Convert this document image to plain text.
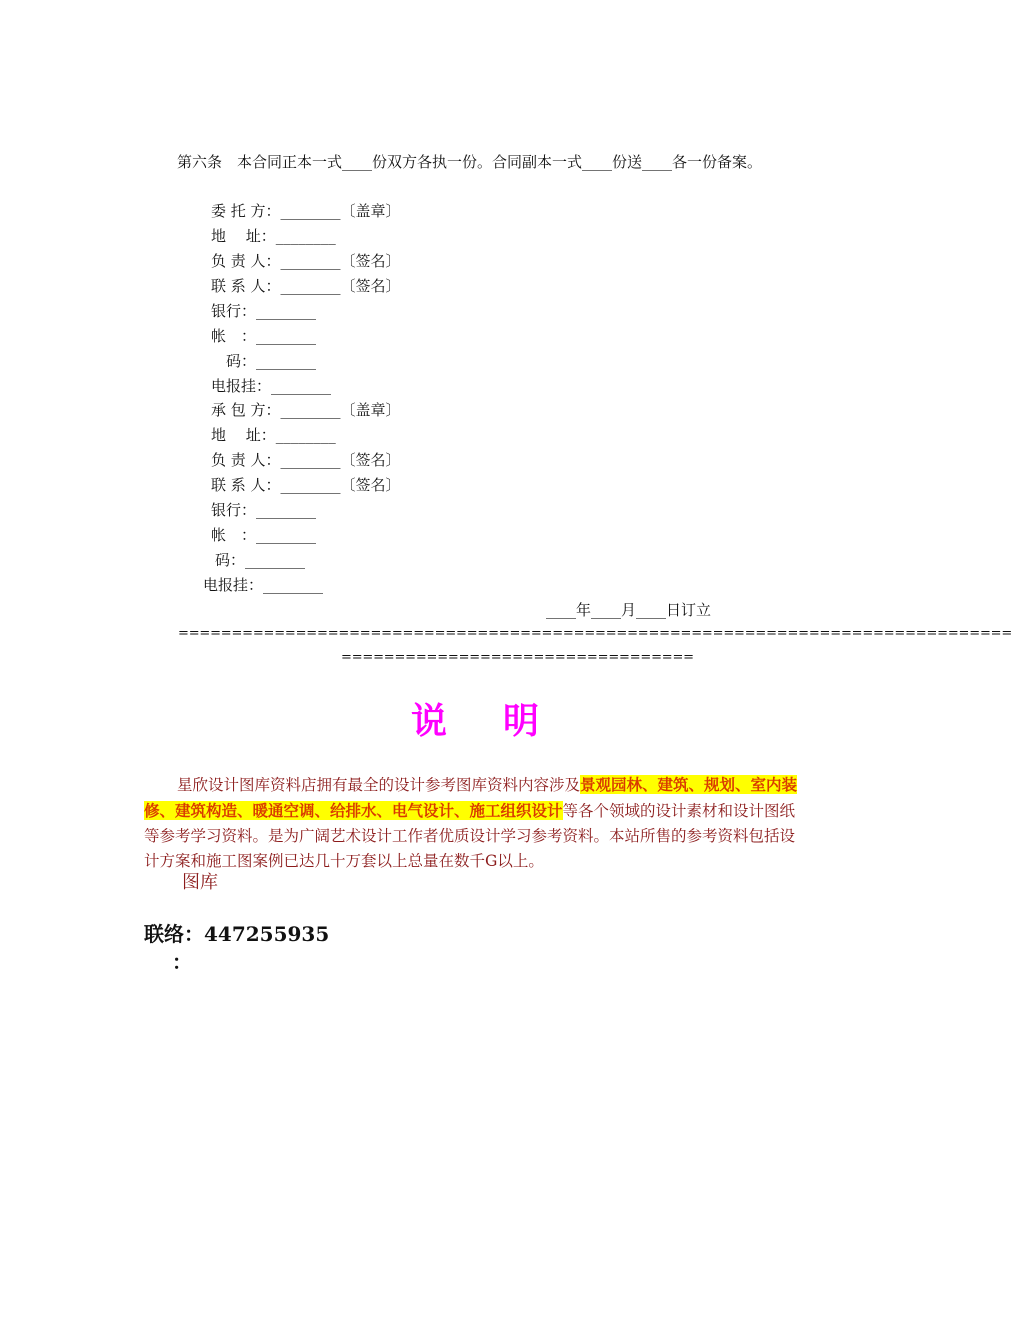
第六条　本合同正本一式____份双方各执一份。合同副本一式____份送____各一份备案。

委 托 方：________〔盖章〕
地　 址：________
负 责 人：________〔签名〕
联 系 人：________〔签名〕
银行：________
帐　：________
码：________
电报挂：________
承 包 方：________〔盖章〕
地　 址：________
负 责 人：________〔签名〕
联 系 人：________〔签名〕
银行：________
帐　：________
码：________
电报挂：________
____年____月____日订立
==============================================================================
=================================
说 明

星欣设计图库资料店拥有最全的设计参考图库资料内容涉及景观园林、建筑、规划、室内装修、建筑构造、暖通空调、给排水、电气设计、施工组织设计等各个领域的设计素材和设计图纸等参考学习资料。是为广阔艺术设计工作者优质设计学习参考资料。本站所售的参考资料包括设计方案和施工图案例已达几十万套以上总量在数千G以上。

图库
联络：447255935
：
